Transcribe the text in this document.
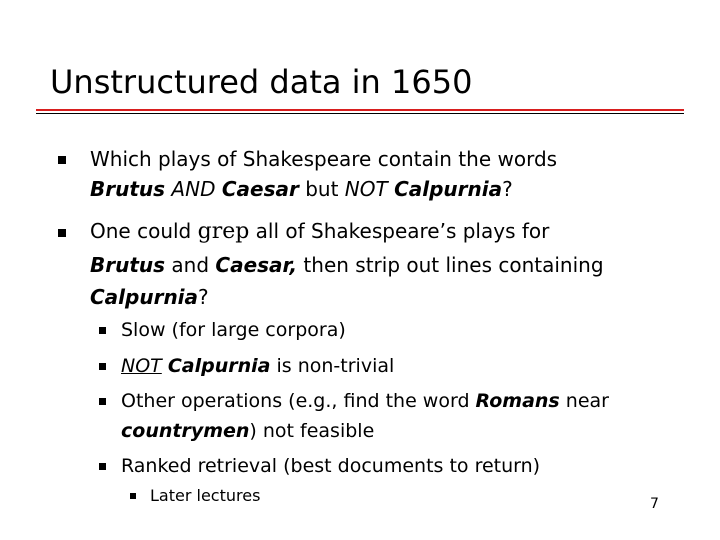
Unstructured data in 1650
Which plays of Shakespeare contain the words
Brutus AND Caesar but NOT Calpurnia?
One could grep all of Shakespeare’s plays for
Brutus and Caesar, then strip out lines containing
Calpurnia?
Slow (for large corpora)
NOT Calpurnia is non-trivial
Other operations (e.g., find the word Romans near
countrymen) not feasible
Ranked retrieval (best documents to return)
Later lectures	7
